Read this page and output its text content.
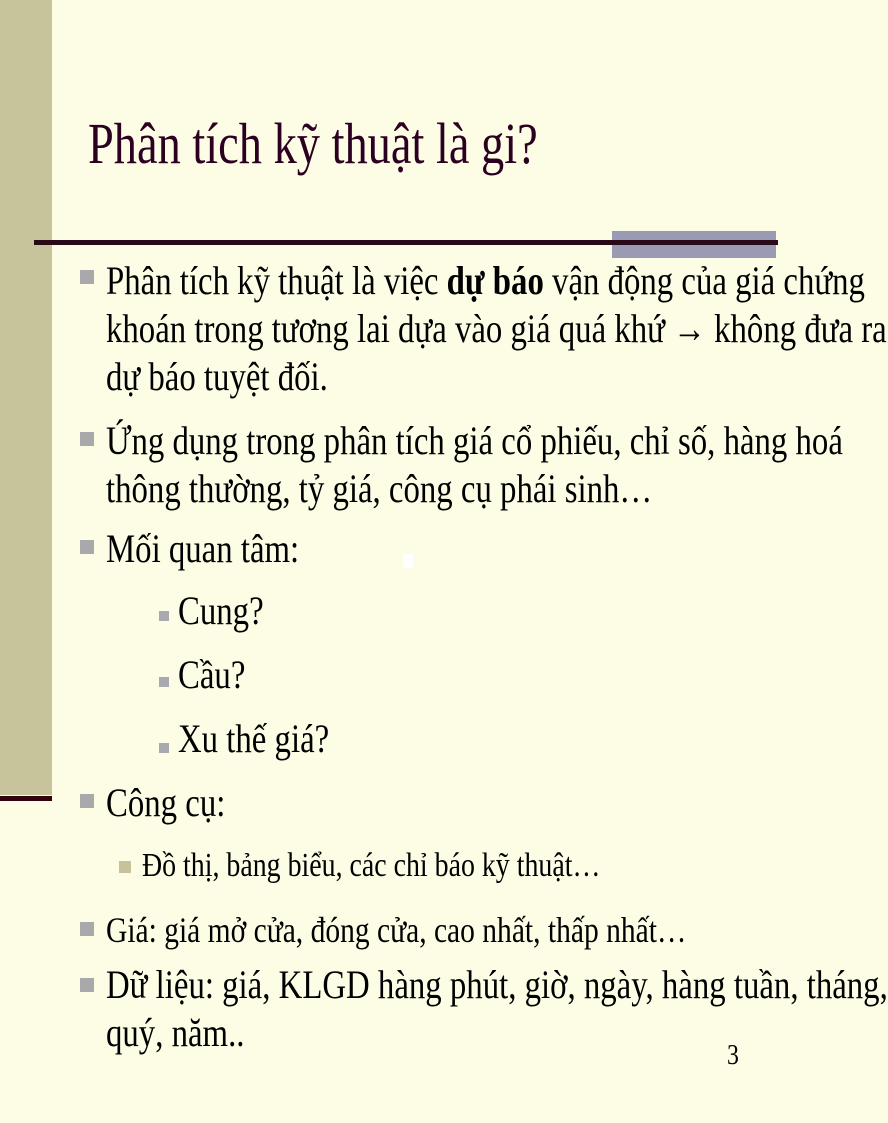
Phân tích kỹ thuật là gi?
Phân tích kỹ thuật là việc dự báo vận động của giá chứng
khoán trong tương lai dựa vào giá quá khứ → không đưa ra
dự báo tuyệt đối.
Ứng dụng trong phân tích giá cổ phiếu, chỉ số, hàng hoá
thông thường, tỷ giá, công cụ phái sinh…
Mối quan tâm:
Cung?
Cầu?
Xu thế giá?
Công cụ:
Đồ thị, bảng biểu, các chỉ báo kỹ thuật…
Giá: giá mở cửa, đóng cửa, cao nhất, thấp nhất…
Dữ liệu: giá, KLGD hàng phút, giờ, ngày, hàng tuần, tháng,
quý, năm..
3
